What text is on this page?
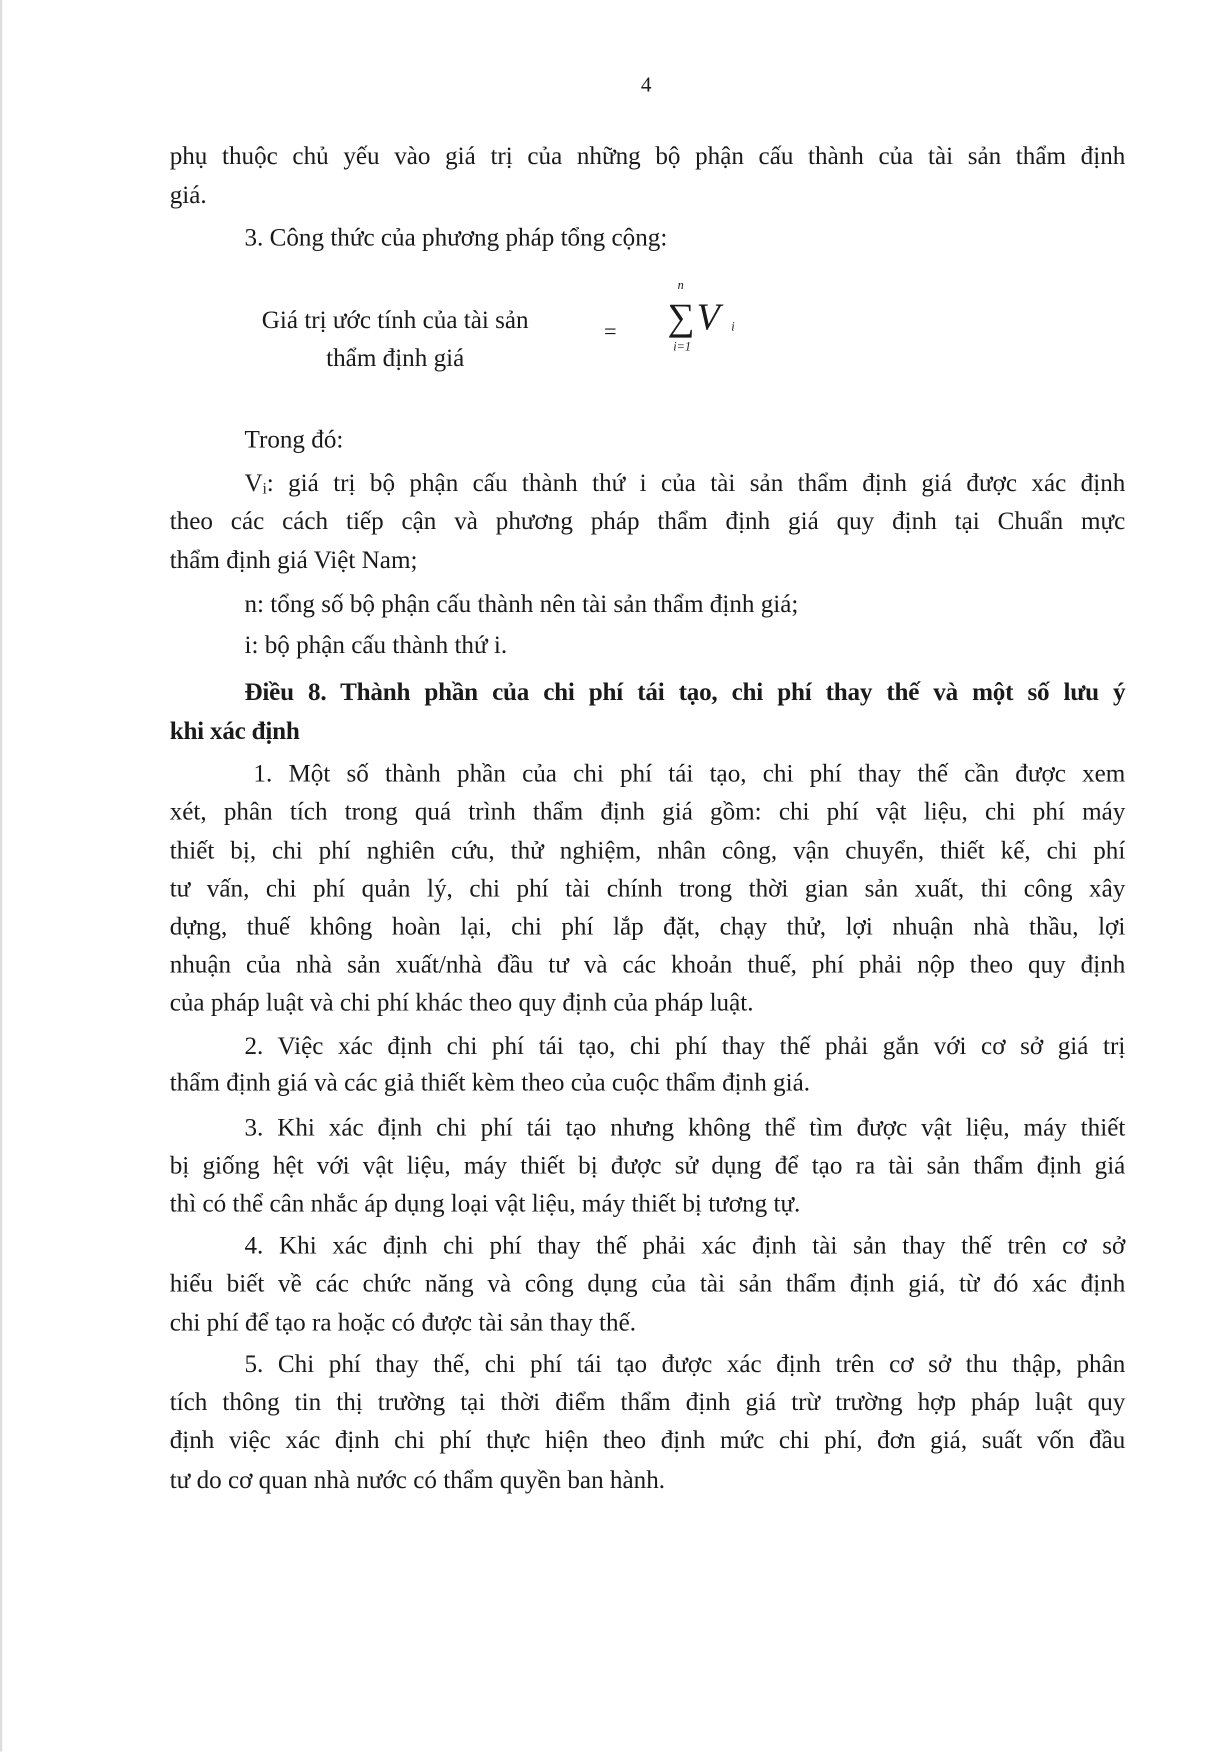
4
phụ thuộc chủ yếu vào giá trị của những bộ phận cấu thành của tài sản thẩm định
giá.
3. Công thức của phương pháp tổng cộng:
Trong đó:
Vᵢ: giá trị bộ phận cấu thành thứ i của tài sản thẩm định giá được xác định
theo các cách tiếp cận và phương pháp thẩm định giá quy định tại Chuẩn mực
thẩm định giá Việt Nam;
n: tổng số bộ phận cấu thành nên tài sản thẩm định giá;
i: bộ phận cấu thành thứ i.
Điều 8. Thành phần của chi phí tái tạo, chi phí thay thế và một số lưu ý
khi xác định
1. Một số thành phần của chi phí tái tạo, chi phí thay thế cần được xem
xét, phân tích trong quá trình thẩm định giá gồm: chi phí vật liệu, chi phí máy
thiết bị, chi phí nghiên cứu, thử nghiệm, nhân công, vận chuyển, thiết kế, chi phí
tư vấn, chi phí quản lý, chi phí tài chính trong thời gian sản xuất, thi công xây
dựng, thuế không hoàn lại, chi phí lắp đặt, chạy thử, lợi nhuận nhà thầu, lợi
nhuận của nhà sản xuất/nhà đầu tư và các khoản thuế, phí phải nộp theo quy định
của pháp luật và chi phí khác theo quy định của pháp luật.
2. Việc xác định chi phí tái tạo, chi phí thay thế phải gắn với cơ sở giá trị
thẩm định giá và các giả thiết kèm theo của cuộc thẩm định giá.
3. Khi xác định chi phí tái tạo nhưng không thể tìm được vật liệu, máy thiết
bị giống hệt với vật liệu, máy thiết bị được sử dụng để tạo ra tài sản thẩm định giá
thì có thể cân nhắc áp dụng loại vật liệu, máy thiết bị tương tự.
4. Khi xác định chi phí thay thế phải xác định tài sản thay thế trên cơ sở
hiểu biết về các chức năng và công dụng của tài sản thẩm định giá, từ đó xác định
chi phí để tạo ra hoặc có được tài sản thay thế.
5. Chi phí thay thế, chi phí tái tạo được xác định trên cơ sở thu thập, phân
tích thông tin thị trường tại thời điểm thẩm định giá trừ trường hợp pháp luật quy
định việc xác định chi phí thực hiện theo định mức chi phí, đơn giá, suất vốn đầu
tư do cơ quan nhà nước có thẩm quyền ban hành.
Giá trị ước tính của tài sản
thẩm định giá
=
n
∑
i=1
V i
